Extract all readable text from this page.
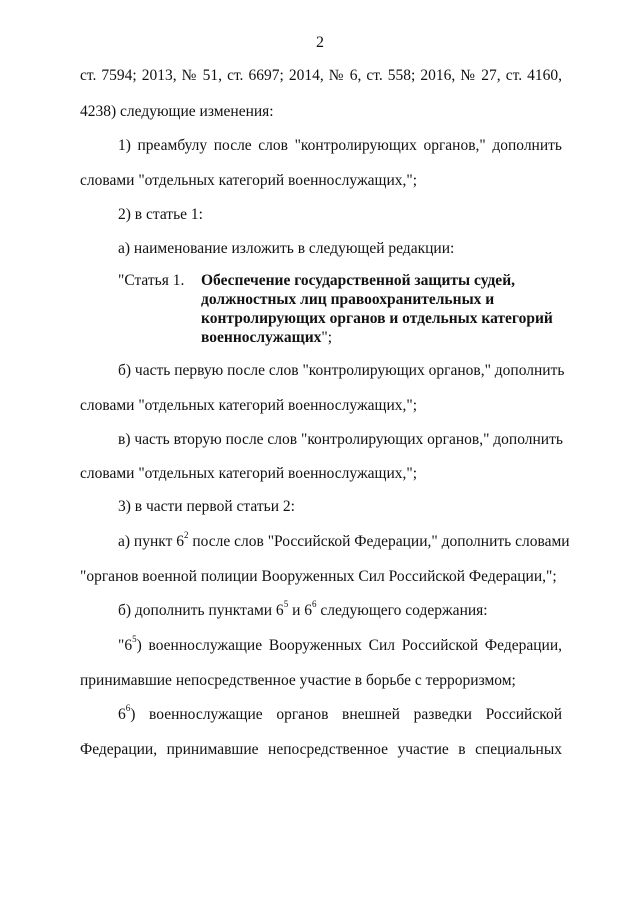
2
ст. 7594; 2013, № 51, ст. 6697; 2014, № 6, ст. 558; 2016, № 27, ст. 4160,
4238) следующие изменения:
1) преамбулу после слов "контролирующих органов," дополнить
словами "отдельных категорий военнослужащих,";
2) в статье 1:
а) наименование изложить в следующей редакции:
"Статья 1. Обеспечение государственной защиты судей,
должностных лиц правоохранительных и
контролирующих органов и отдельных категорий
военнослужащих";
б) часть первую после слов "контролирующих органов," дополнить
словами "отдельных категорий военнослужащих,";
в) часть вторую после слов "контролирующих органов," дополнить
словами "отдельных категорий военнослужащих,";
3) в части первой статьи 2:
а) пункт $6^2$ после слов "Российской Федерации," дополнить словами
"органов военной полиции Вооруженных Сил Российской Федерации,";
б) дополнить пунктами $6^5$ и $6^6$ следующего содержания:
"$6^5$) военнослужащие Вооруженных Сил Российской Федерации,
принимавшие непосредственное участие в борьбе с терроризмом;
$6^6$) военнослужащие органов внешней разведки Российской
Федерации, принимавшие непосредственное участие в специальных
